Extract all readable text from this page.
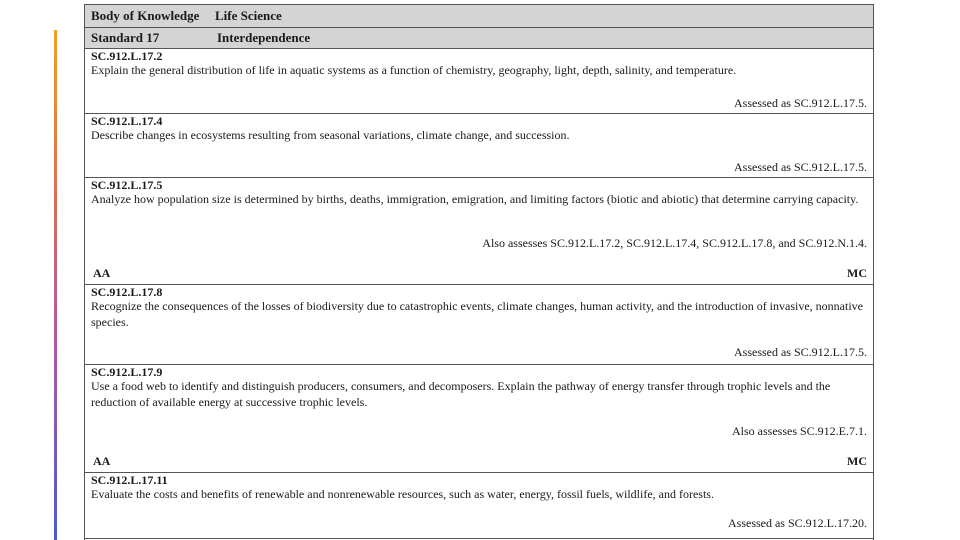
Body of Knowledge	Life Science
Standard 17	Interdependence
SC.912.L.17.2

Explain the general distribution of life in aquatic systems as a function of chemistry, geography, light, depth, salinity, and temperature.

Assessed as SC.912.L.17.5.
SC.912.L.17.4

Describe changes in ecosystems resulting from seasonal variations, climate change, and succession.

Assessed as SC.912.L.17.5.
SC.912.L.17.5

Analyze how population size is determined by births, deaths, immigration, emigration, and limiting factors (biotic and abiotic) that determine carrying capacity.

Also assesses SC.912.L.17.2, SC.912.L.17.4, SC.912.L.17.8, and SC.912.N.1.4.
AA	MC
SC.912.L.17.8

Recognize the consequences of the losses of biodiversity due to catastrophic events, climate changes, human activity, and the introduction of invasive, nonnative species.

Assessed as SC.912.L.17.5.
SC.912.L.17.9

Use a food web to identify and distinguish producers, consumers, and decomposers. Explain the pathway of energy transfer through trophic levels and the reduction of available energy at successive trophic levels.

Also assesses SC.912.E.7.1.
AA	MC
SC.912.L.17.11

Evaluate the costs and benefits of renewable and nonrenewable resources, such as water, energy, fossil fuels, wildlife, and forests.

Assessed as SC.912.L.17.20.
